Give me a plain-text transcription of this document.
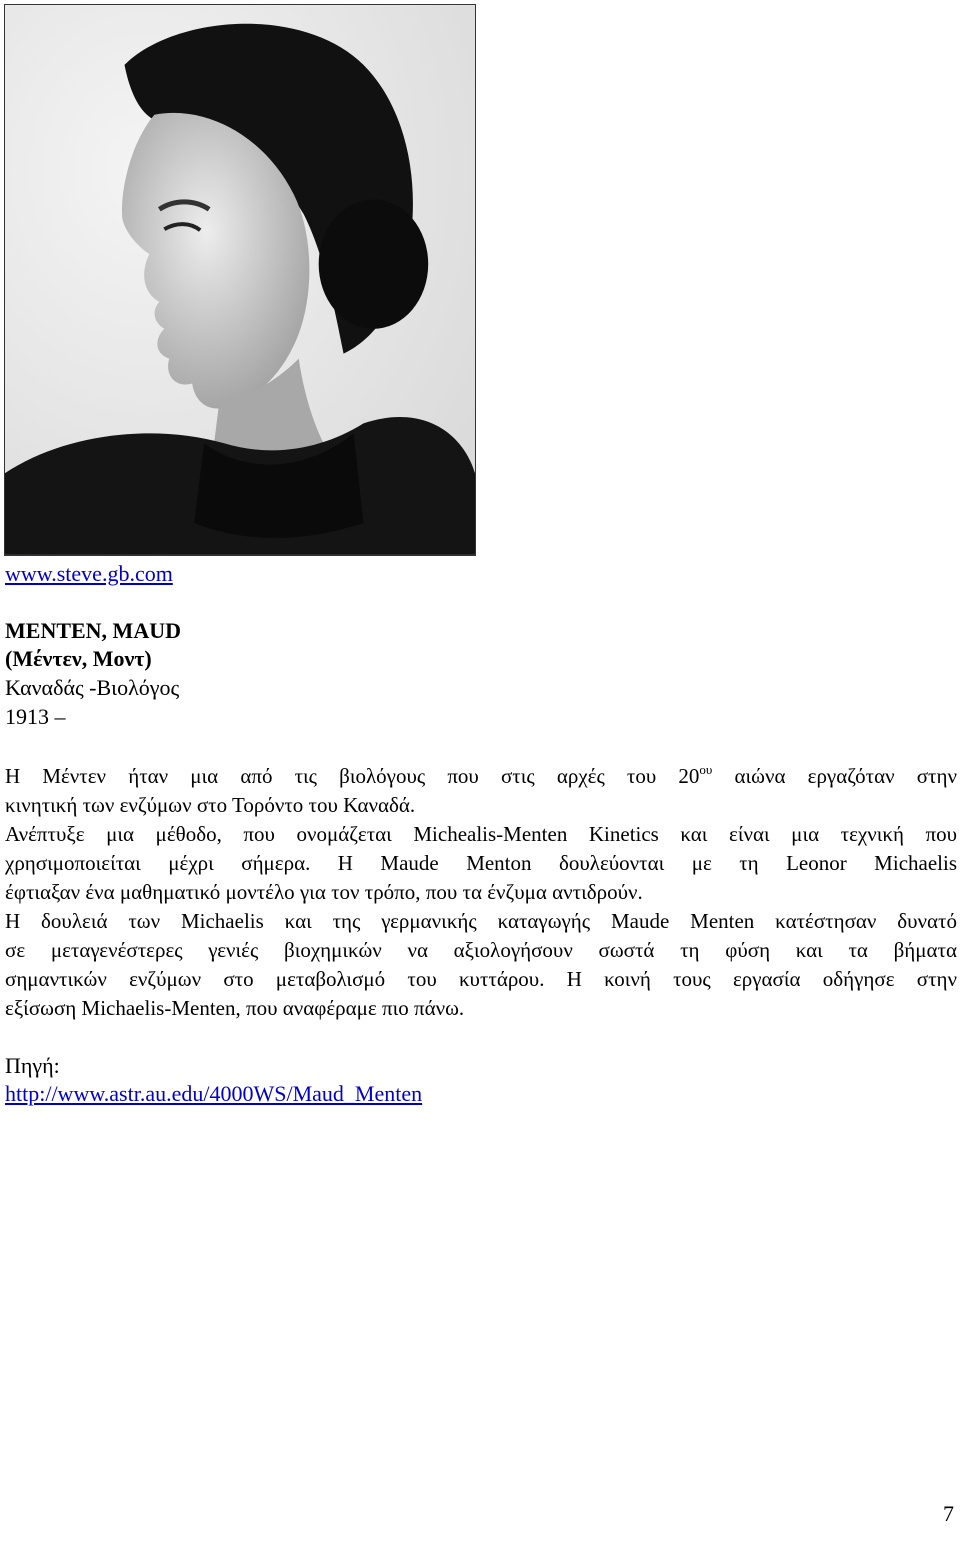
www.steve.gb.com
MENTEN, MAUD
(Μέντεν, Μοντ)
Καναδάς -Βιολόγος
1913 –
Η Μέντεν ήταν μια από τις βιολόγους που στις αρχές του $20^{o\upsilon}$ αιώνα εργαζόταν στην
κινητική των ενζύμων στο Τορόντο του Καναδά.
Ανέπτυξε μια μέθοδο, που ονομάζεται Michealis-Menten Kinetics και είναι μια τεχνική που
χρησιμοποιείται μέχρι σήμερα. Η Maude Menton δουλεύονται με τη Leonor Michaelis
έφτιαξαν ένα μαθηματικό μοντέλο για τον τρόπο, που τα ένζυμα αντιδρούν.
Η δουλειά των Michaelis και της γερμανικής καταγωγής Maude Menten κατέστησαν δυνατό
σε μεταγενέστερες γενιές βιοχημικών να αξιολογήσουν σωστά τη φύση και τα βήματα
σημαντικών ενζύμων στο μεταβολισμό του κυττάρου. Η κοινή τους εργασία οδήγησε στην
εξίσωση Michaelis-Menten, που αναφέραμε πιο πάνω.
Πηγή:
http://www.astr.au.edu/4000WS/Maud_Menten
7
